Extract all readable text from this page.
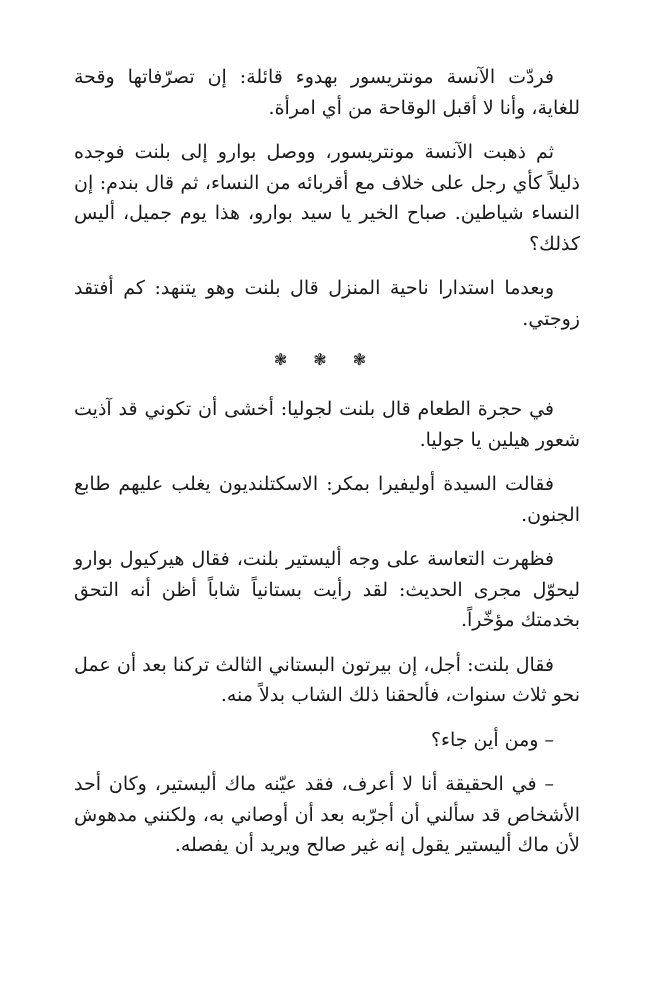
فردّت الآنسة مونتريسور بهدوء قائلة: إن تصرّفاتها وقحة للغاية، وأنا لا أقبل الوقاحة من أي امرأة.

ثم ذهبت الآنسة مونتريسور، ووصل بوارو إلى بلنت فوجده ذليلاً كأي رجل على خلاف مع أقربائه من النساء، ثم قال بندم: إن النساء شياطين. صباح الخير يا سيد بوارو، هذا يوم جميل، أليس كذلك؟

وبعدما استدارا ناحية المنزل قال بلنت وهو يتنهد: كم أفتقد زوجتي.

❃❃❃

في حجرة الطعام قال بلنت لجوليا: أخشى أن تكوني قد آذيت شعور هيلين يا جوليا.

فقالت السيدة أوليفيرا بمكر: الاسكتلنديون يغلب عليهم طابع الجنون.

فظهرت التعاسة على وجه أليستير بلنت، فقال هيركيول بوارو ليحوّل مجرى الحديث: لقد رأيت بستانياً شاباً أظن أنه التحق بخدمتك مؤخّراً.

فقال بلنت: أجل، إن بيرتون البستاني الثالث تركنا بعد أن عمل نحو ثلاث سنوات، فألحقنا ذلك الشاب بدلاً منه.

– ومن أين جاء؟

– في الحقيقة أنا لا أعرف، فقد عيّنه ماك أليستير، وكان أحد الأشخاص قد سألني أن أجرّبه بعد أن أوصاني به، ولكنني مدهوش لأن ماك أليستير يقول إنه غير صالح ويريد أن يفصله.
